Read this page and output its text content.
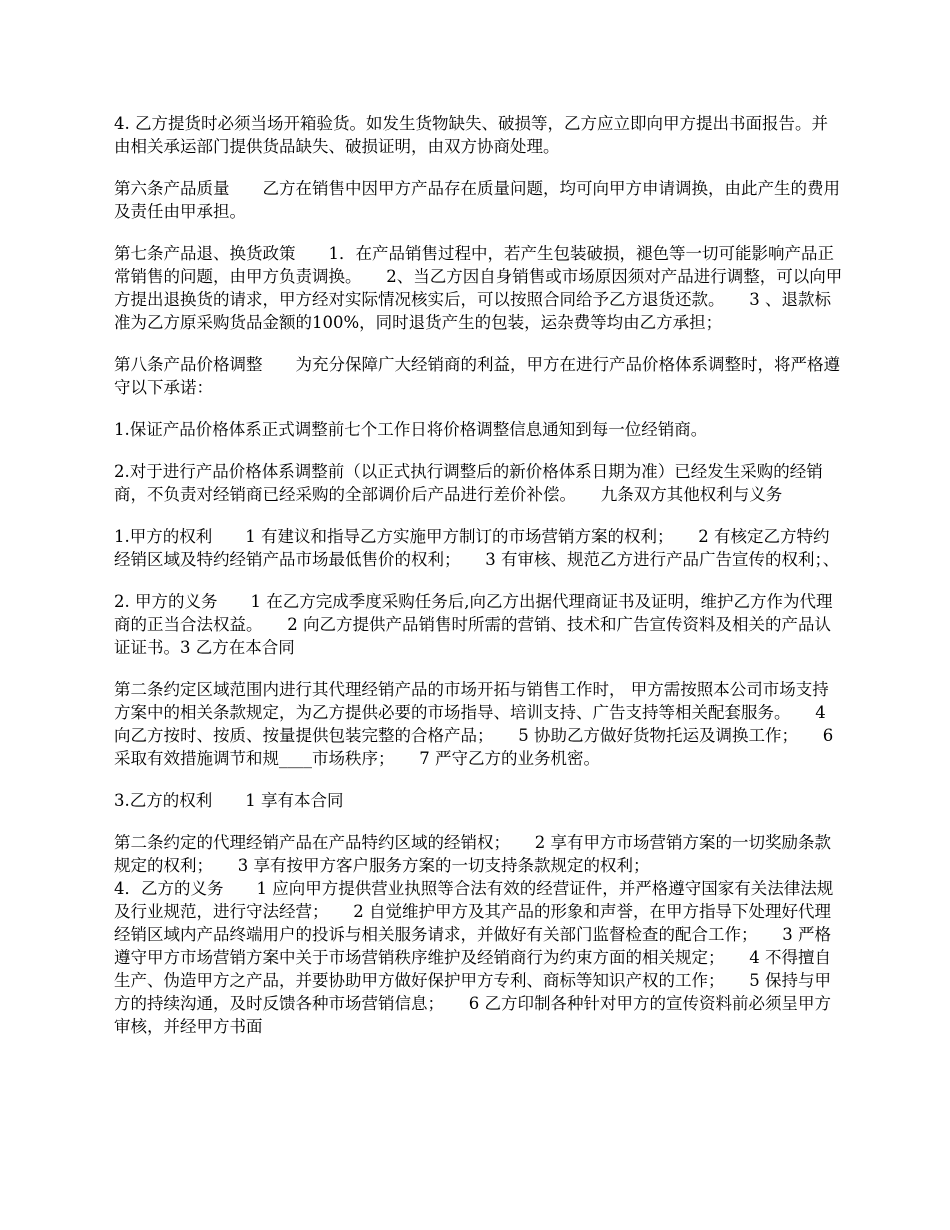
4. 乙方提货时必须当场开箱验货。如发生货物缺失、破损等，乙方应立即向甲方提出书面报告。并由相关承运部门提供货品缺失、破损证明，由双方协商处理。

第六条产品质量　　乙方在销售中因甲方产品存在质量问题，均可向甲方申请调换，由此产生的费用及责任由甲承担。

第七条产品退、换货政策　　1．在产品销售过程中，若产生包装破损，褪色等一切可能影响产品正常销售的问题，由甲方负责调换。　　2、当乙方因自身销售或市场原因须对产品进行调整，可以向甲方提出退换货的请求，甲方经对实际情况核实后，可以按照合同给予乙方退货还款。　　3 、退款标准为乙方原采购货品金额的100%，同时退货产生的包装，运杂费等均由乙方承担；

第八条产品价格调整　　为充分保障广大经销商的利益，甲方在进行产品价格体系调整时，将严格遵守以下承诺：

1.保证产品价格体系正式调整前七个工作日将价格调整信息通知到每一位经销商。

2.对于进行产品价格体系调整前（以正式执行调整后的新价格体系日期为准）已经发生采购的经销商，不负责对经销商已经采购的全部调价后产品进行差价补偿。　　九条双方其他权利与义务

1.甲方的权利　　1 有建议和指导乙方实施甲方制订的市场营销方案的权利；　　2 有核定乙方特约经销区域及特约经销产品市场最低售价的权利；　　3 有审核、规范乙方进行产品广告宣传的权利；、

2. 甲方的义务　　1 在乙方完成季度采购任务后,向乙方出据代理商证书及证明，维护乙方作为代理商的正当合法权益。　　2 向乙方提供产品销售时所需的营销、技术和广告宣传资料及相关的产品认证证书。3 乙方在本合同

第二条约定区域范围内进行其代理经销产品的市场开拓与销售工作时， 甲方需按照本公司市场支持方案中的相关条款规定，为乙方提供必要的市场指导、培训支持、广告支持等相关配套服务。　　4 向乙方按时、按质、按量提供包装完整的合格产品；　　5 协助乙方做好货物托运及调换工作；　　6 采取有效措施调节和规____市场秩序；　　7 严守乙方的业务机密。

3.乙方的权利　　1 享有本合同

第二条约定的代理经销产品在产品特约区域的经销权；　　2 享有甲方市场营销方案的一切奖励条款规定的权利；　　3 享有按甲方客户服务方案的一切支持条款规定的权利；

4．乙方的义务　　1 应向甲方提供营业执照等合法有效的经营证件，并严格遵守国家有关法律法规及行业规范，进行守法经营；　　2 自觉维护甲方及其产品的形象和声誉，在甲方指导下处理好代理经销区域内产品终端用户的投诉与相关服务请求，并做好有关部门监督检查的配合工作；　　3 严格遵守甲方市场营销方案中关于市场营销秩序维护及经销商行为约束方面的相关规定；　　4 不得擅自生产、伪造甲方之产品，并要协助甲方做好保护甲方专利、商标等知识产权的工作；　　5 保持与甲方的持续沟通，及时反馈各种市场营销信息；　　6 乙方印制各种针对甲方的宣传资料前必须呈甲方审核，并经甲方书面
